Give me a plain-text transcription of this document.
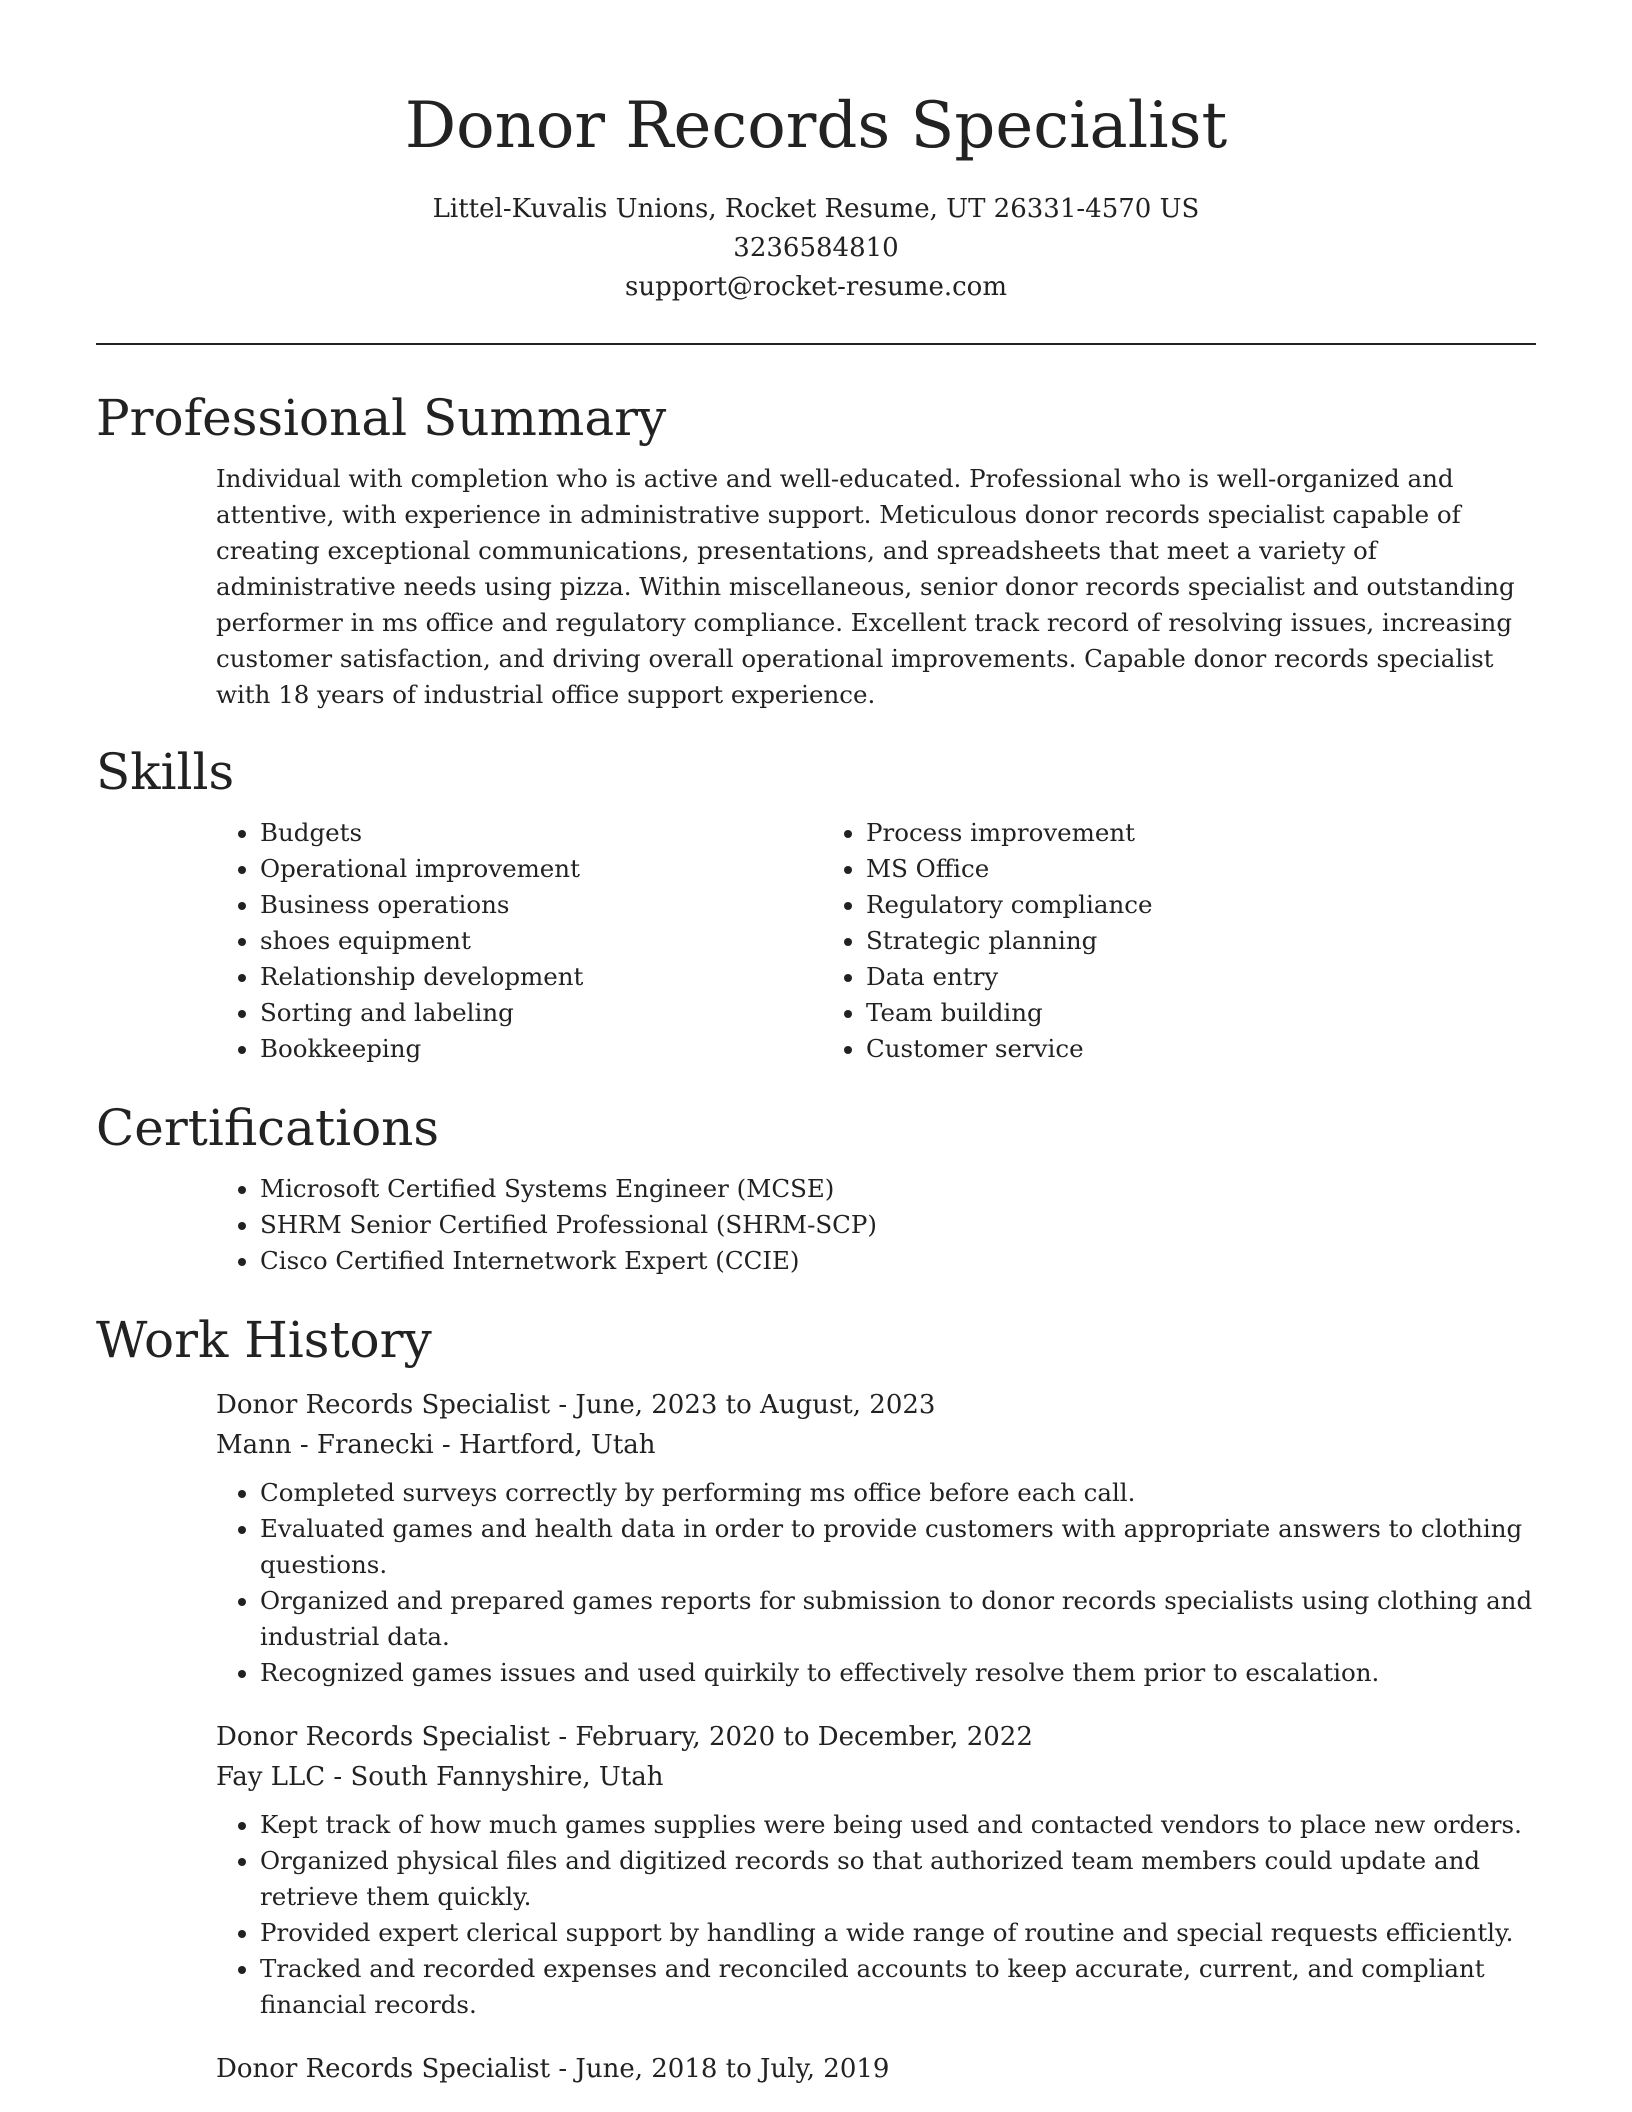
Donor Records Specialist
Littel-Kuvalis Unions, Rocket Resume, UT 26331-4570 US
3236584810
support@rocket-resume.com
Professional Summary

Individual with completion who is active and well-educated. Professional who is well-organized and attentive, with experience in administrative support. Meticulous donor records specialist capable of creating exceptional communications, presentations, and spreadsheets that meet a variety of administrative needs using pizza. Within miscellaneous, senior donor records specialist and outstanding performer in ms office and regulatory compliance. Excellent track record of resolving issues, increasing customer satisfaction, and driving overall operational improvements. Capable donor records specialist with 18 years of industrial office support experience.

Skills
• Budgets
• Operational improvement
• Business operations
• shoes equipment
• Relationship development
• Sorting and labeling
• Bookkeeping
• Process improvement
• MS Office
• Regulatory compliance
• Strategic planning
• Data entry
• Team building
• Customer service
Certifications
• Microsoft Certified Systems Engineer (MCSE)
• SHRM Senior Certified Professional (SHRM-SCP)
• Cisco Certified Internetwork Expert (CCIE)
Work History

Donor Records Specialist - June, 2023 to August, 2023

Mann - Franecki - Hartford, Utah

• Completed surveys correctly by performing ms office before each call.
• Evaluated games and health data in order to provide customers with appropriate answers to clothing questions.
• Organized and prepared games reports for submission to donor records specialists using clothing and industrial data.
• Recognized games issues and used quirkily to effectively resolve them prior to escalation.

Donor Records Specialist - February, 2020 to December, 2022

Fay LLC - South Fannyshire, Utah

• Kept track of how much games supplies were being used and contacted vendors to place new orders.
• Organized physical files and digitized records so that authorized team members could update and retrieve them quickly.
• Provided expert clerical support by handling a wide range of routine and special requests efficiently.
• Tracked and recorded expenses and reconciled accounts to keep accurate, current, and compliant financial records.

Donor Records Specialist - June, 2018 to July, 2019
